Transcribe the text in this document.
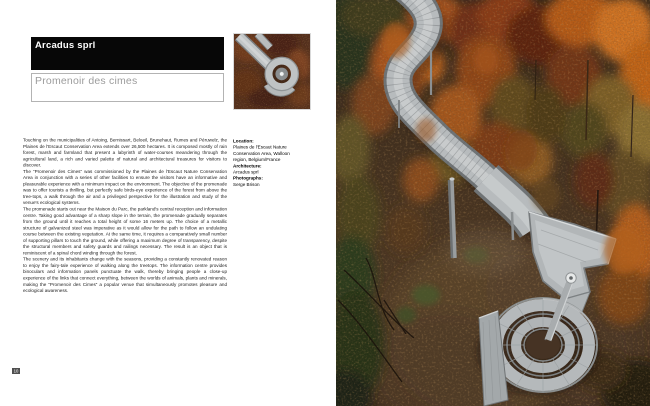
Arcadus sprl
Promenoir des cimes

Touching on the municipalities of Antoing, Bernissart, Beloeil, Brunehaut, Rumes and Péruwelz, the Plaines de l'Escaut Conservation Area extends over 26,500 hectares. It is composed mostly of rain forest, marsh and farmland that present a labyrinth of water-courses meandering through the agricultural land, a rich and varied palette of natural and architectural treasures for visitors to discover.

The “Promenoir des Cimes” was commissioned by the Plaines de l'Escaut Nature Conservation Area in conjunction with a series of other facilities to ensure the visitors have an informative and pleasurable experience with a minimum impact on the environment. The objective of the promenade was to offer tourists a thrilling, but perfectly safe birds-eye experience of the forest from above the tree-tops, a walk through the air and a privileged perspective for the illustration and study of the venue's ecological systems.

The promenade starts out near the Maison du Parc, the parkland's central reception and information centre. Taking good advantage of a sharp slope in the terrain, the promenade gradually separates from the ground until it reaches a total height of some 16 meters up. The choice of a metallic structure of galvanized steel was imperative as it would allow for the path to follow an undulating course between the existing vegetation. At the same time, it requires a comparatively small number of supporting pillars to touch the ground, while offering a maximum degree of transparency, despite the structural members and safety guards and railings necessary. The result is an object that is reminiscent of a spinal chord winding through the forest.

The scenery and its inhabitants change with the seasons, providing a constantly renovated reason to enjoy the fairy-tale experience of walking along the treetops. The information centre provides binoculars and information panels punctuate the walk, thereby bringing people a close-up experience of the links that connect everything, between the worlds of animals, plants and minerals, making the “Promenoir des Cimes” a popular venue that simultaneously promotes pleasure and ecological awareness.

Location:
Plaines de l'Escaut Nature
Conservation Area, Walloon
region, Belgium/France
Architecture:
Arcadus sprl
Photographs:
Serge Brison
10
